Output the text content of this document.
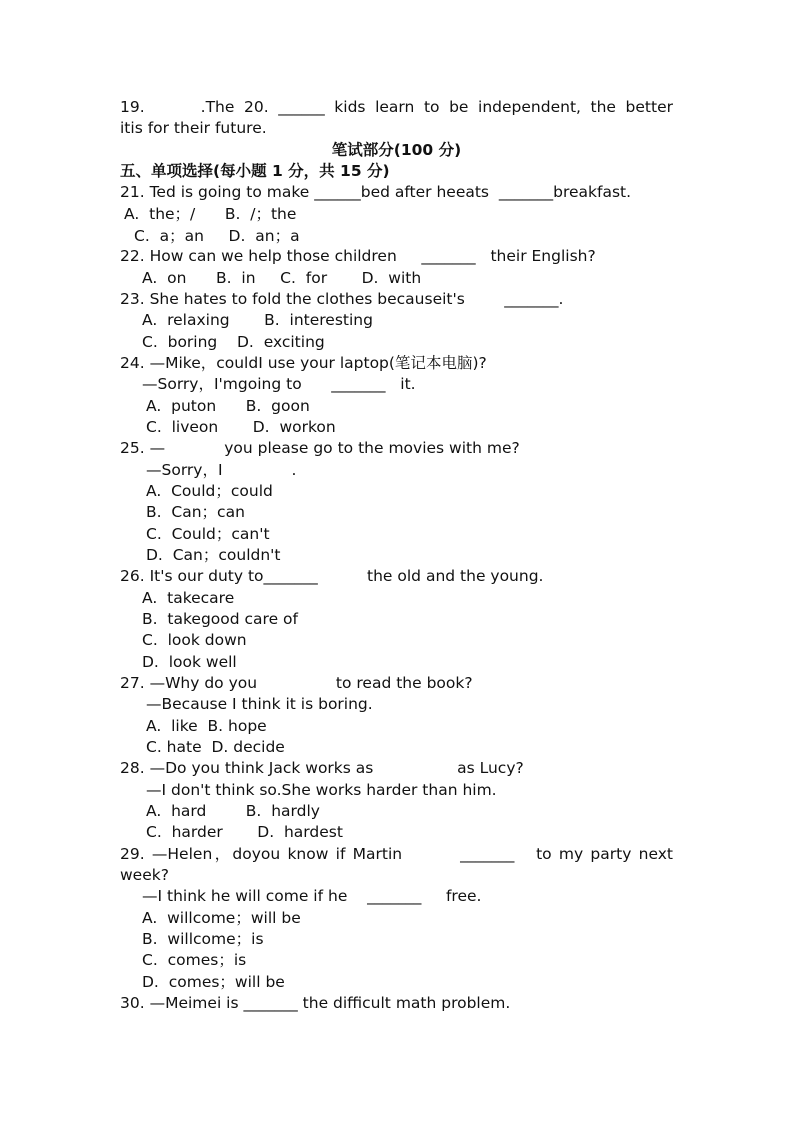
19.	.The 20. ______ kids learn to be independent, the better
itis for their future.
笔试部分(100 分)
五、单项选择(每小题 1 分，共 15 分)
21. Ted is going to make ______bed after heeats  _______breakfast.
A.  the；/      B.  /；the
C.  a；an     D.  an；a
22. How can we help those children     _______   their English?
A.  on      B.  in     C.  for       D.  with
23. She hates to fold the clothes becauseit's        _______.
A.  relaxing       B.  interesting
C.  boring    D.  exciting
24. —Mike，couldI use your laptop(笔记本电脑)?
—Sorry，I'mgoing to      _______   it.
A.  puton      B.  goon
C.  liveon       D.  workon
25. —            you please go to the movies with me?
—Sorry，I              .
A.  Could；could
B.  Can；can
C.  Could；can't
D.  Can；couldn't
26. It's our duty to_______          the old and the young.
A.  takecare
B.  takegood care of
C.  look down
D.  look well
27. —Why do you                to read the book?
—Because I think it is boring.
A.  like  B. hope
C. hate  D. decide
28. —Do you think Jack works as                 as Lucy?
—I don't think so.She works harder than him.
A.  hard        B.  hardly
C.  harder       D.  hardest
29. —Helen，doyou know if Martin        _______   to my party next
week?
—I think he will come if he    _______     free.
A.  willcome；will be
B.  willcome；is
C.  comes；is
D.  comes；will be
30. —Meimei is _______ the difficult math problem.
